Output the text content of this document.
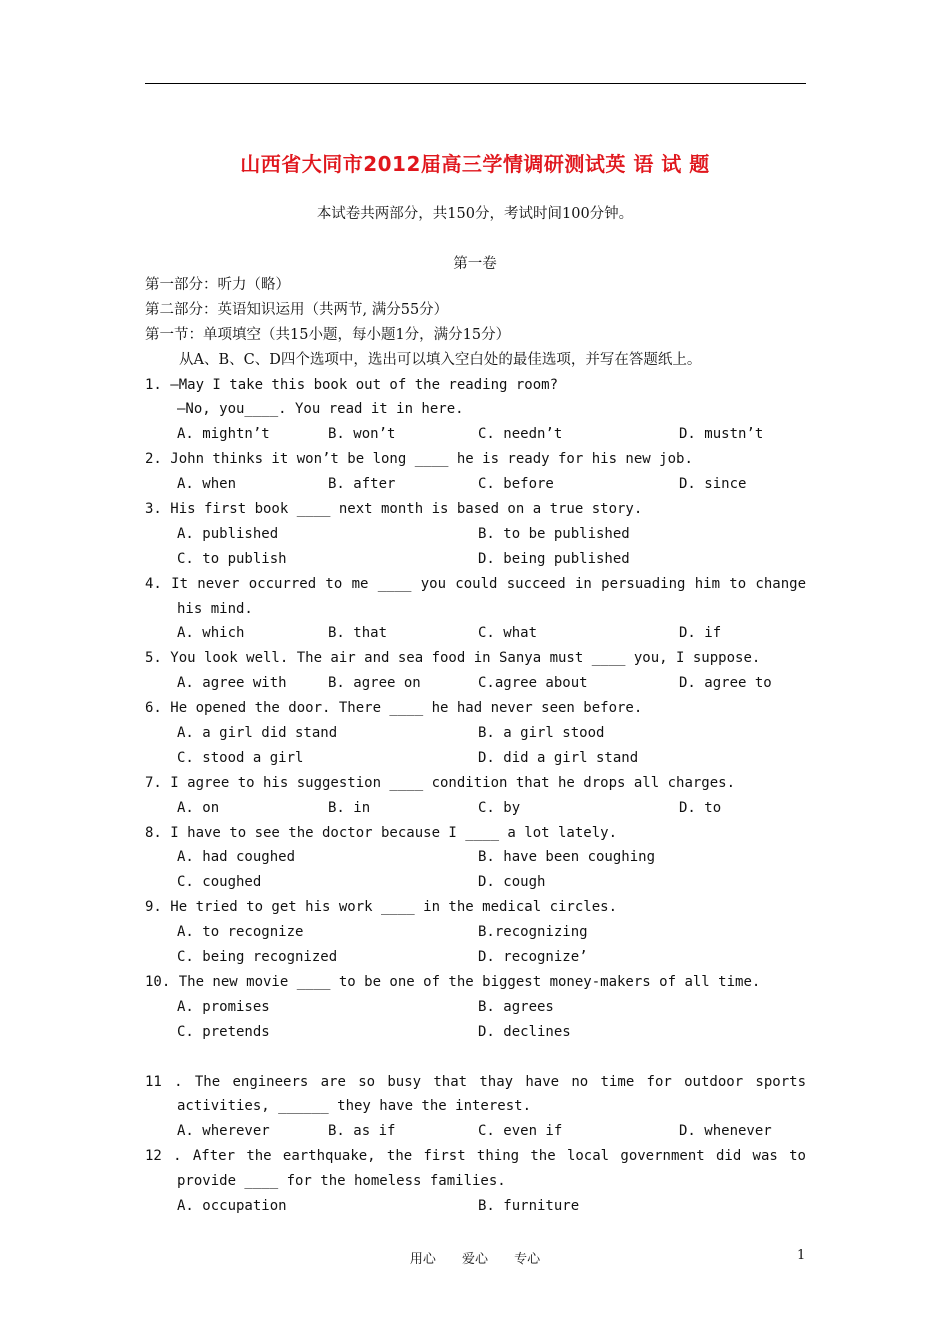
山西省大同市2012届高三学情调研测试英 语 试 题
本试卷共两部分，共150分，考试时间100分钟。
第一卷
第一部分：听力（略）
第二部分：英语知识运用（共两节, 满分55分）
第一节：单项填空（共15小题，每小题1分，满分15分）
从A、B、C、D四个选项中，选出可以填入空白处的最佳选项，并写在答题纸上。
1. —May I take this book out of the reading room?
—No, you____. You read it in here.

A. mightn’t

	B. won’t

	C. needn’t

	D. mustn’t

2. John thinks it won’t be long ____ he is ready for his new job.

A. when

	B. after

	C. before

	D. since

3. His first book ____ next month is based on a true story.

A. published

	B. to be published

C. to publish

	D. being published

4. It never occurred to me ____ you could succeed in persuading him to change
his mind.

A. which

	B. that

	C. what

	D. if

5. You look well. The air and sea food in Sanya must ____ you, I suppose.

A. agree with

	B. agree on

	C.agree about

	D. agree to

6. He opened the door. There ____ he had never seen before.

A. a girl did stand

	B. a girl stood

C. stood a girl

	D. did a girl stand

7. I agree to his suggestion ____ condition that he drops all charges.

A. on

	B. in

	C. by

	D. to

8. I have to see the doctor because I ____ a lot lately.

A. had coughed

	B. have been coughing

C. coughed

	D. cough

9. He tried to get his work ____ in the medical circles.

A. to recognize

	B.recognizing

C. being recognized

	D. recognize’

10. The new movie ____ to be one of the biggest money-makers of all time.

A. promises

	B. agrees

C. pretends

	D. declines

11 . The engineers are so busy that thay have no time for outdoor sports
activities, ______ they have the interest.

A. wherever

	B. as if

	C. even if

	D. whenever

12 . After the earthquake, the first thing the local government did was to
provide ____ for the homeless families.

A. occupation

	B. furniture

用心 爱心 专心	1
